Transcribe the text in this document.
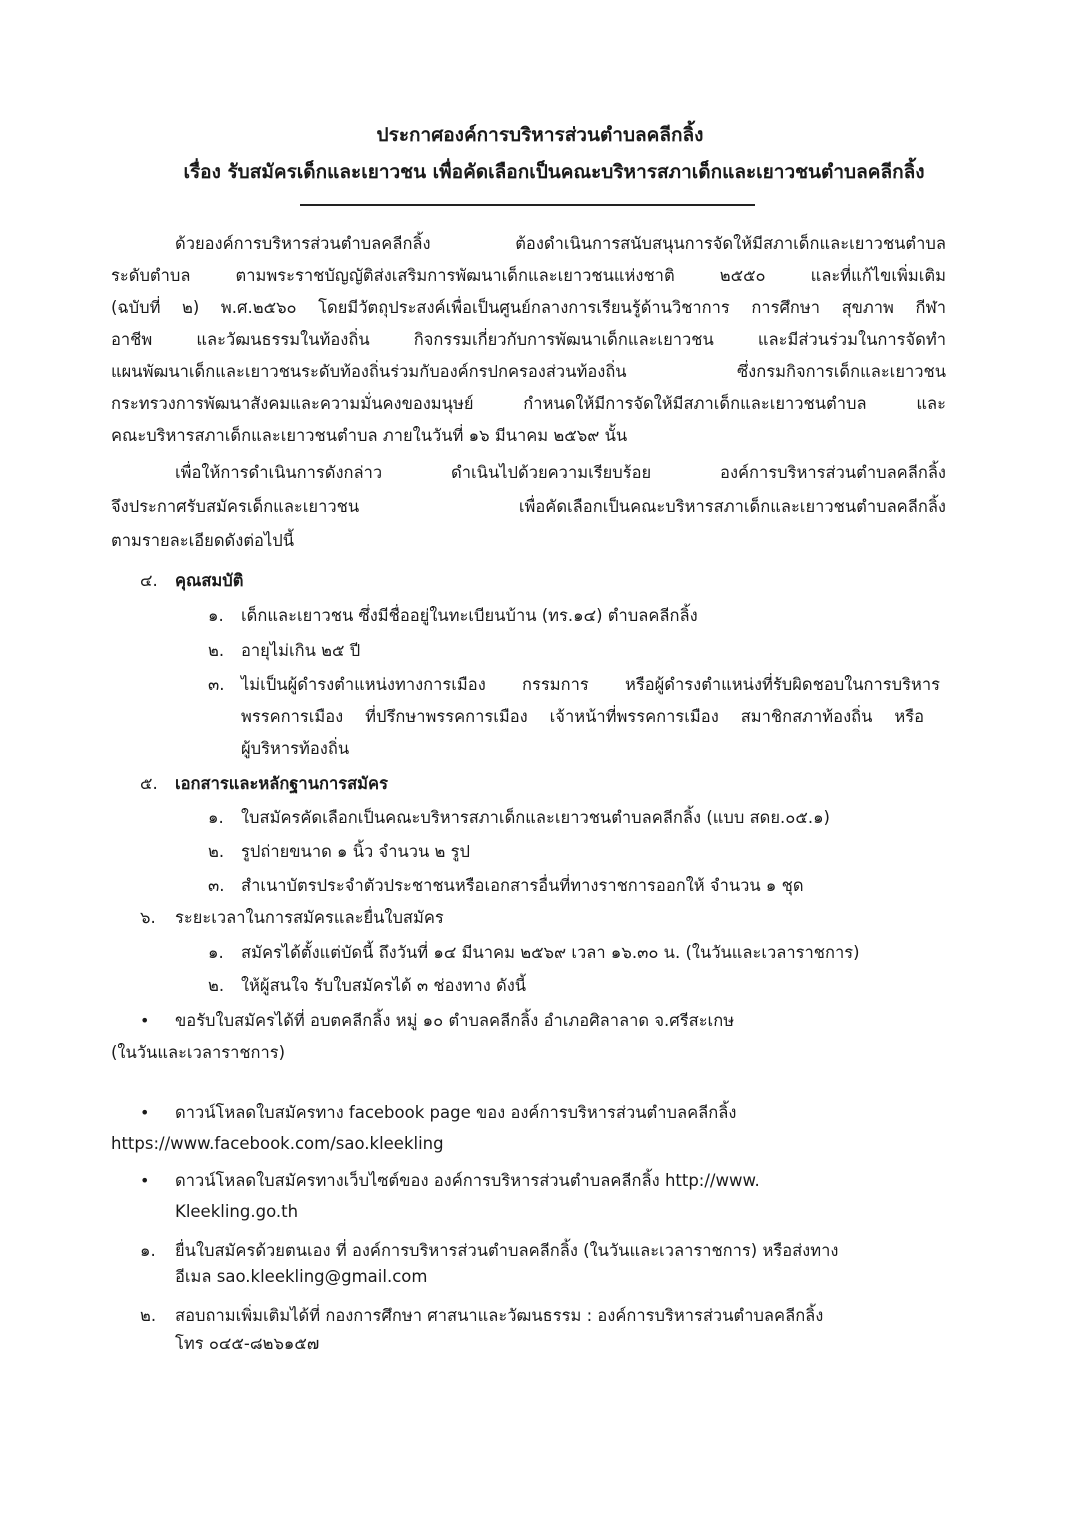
ประกาศองค์การบริหารส่วนตำบลคลีกลิ้ง
เรื่อง รับสมัครเด็กและเยาวชน เพื่อคัดเลือกเป็นคณะบริหารสภาเด็กและเยาวชนตำบลคลีกลิ้ง
ด้วยองค์การบริหารส่วนตำบลคลีกลิ้ง ต้องดำเนินการสนับสนุนการจัดให้มีสภาเด็กและเยาวชนตำบล
ระดับตำบล ตามพระราชบัญญัติส่งเสริมการพัฒนาเด็กและเยาวชนแห่งชาติ ๒๕๕๐ และที่แก้ไขเพิ่มเติม
(ฉบับที่ ๒) พ.ศ.๒๕๖๐ โดยมีวัตถุประสงค์เพื่อเป็นศูนย์กลางการเรียนรู้ด้านวิชาการ การศึกษา สุขภาพ กีฬา
อาชีพ และวัฒนธรรมในท้องถิ่น กิจกรรมเกี่ยวกับการพัฒนาเด็กและเยาวชน และมีส่วนร่วมในการจัดทำ
แผนพัฒนาเด็กและเยาวชนระดับท้องถิ่นร่วมกับองค์กรปกครองส่วนท้องถิ่น ซึ่งกรมกิจการเด็กและเยาวชน
กระทรวงการพัฒนาสังคมและความมั่นคงของมนุษย์ กำหนดให้มีการจัดให้มีสภาเด็กและเยาวชนตำบล และ
คณะบริหารสภาเด็กและเยาวชนตำบล ภายในวันที่ ๑๖ มีนาคม ๒๕๖๙ นั้น
เพื่อให้การดำเนินการดังกล่าว ดำเนินไปด้วยความเรียบร้อย องค์การบริหารส่วนตำบลคลีกลิ้ง
จึงประกาศรับสมัครเด็กและเยาวชน เพื่อคัดเลือกเป็นคณะบริหารสภาเด็กและเยาวชนตำบลคลีกลิ้ง
ตามรายละเอียดดังต่อไปนี้
๔. คุณสมบัติ
๑. เด็กและเยาวชน ซึ่งมีชื่ออยู่ในทะเบียนบ้าน (ทร.๑๔) ตำบลคลีกลิ้ง
๒. อายุไม่เกิน ๒๕ ปี
๓. ไม่เป็นผู้ดำรงตำแหน่งทางการเมือง กรรมการ หรือผู้ดำรงตำแหน่งที่รับผิดชอบในการบริหาร
พรรคการเมือง ที่ปรึกษาพรรคการเมือง เจ้าหน้าที่พรรคการเมือง สมาชิกสภาท้องถิ่น หรือ
ผู้บริหารท้องถิ่น
๕. เอกสารและหลักฐานการสมัคร
๑. ใบสมัครคัดเลือกเป็นคณะบริหารสภาเด็กและเยาวชนตำบลคลีกลิ้ง (แบบ สดย.๐๕.๑)
๒. รูปถ่ายขนาด ๑ นิ้ว จำนวน ๒ รูป
๓. สำเนาบัตรประจำตัวประชาชนหรือเอกสารอื่นที่ทางราชการออกให้ จำนวน ๑ ชุด
๖. ระยะเวลาในการสมัครและยื่นใบสมัคร
๑. สมัครได้ตั้งแต่บัดนี้ ถึงวันที่ ๑๔ มีนาคม ๒๕๖๙ เวลา ๑๖.๓๐ น. (ในวันและเวลาราชการ)
๒. ให้ผู้สนใจ รับใบสมัครได้ ๓ ช่องทาง ดังนี้
• ขอรับใบสมัครได้ที่ อบตคลีกลิ้ง หมู่ ๑๐ ตำบลคลีกลิ้ง อำเภอศิลาลาด จ.ศรีสะเกษ
(ในวันและเวลาราชการ)
• ดาวน์โหลดใบสมัครทาง facebook page ของ องค์การบริหารส่วนตำบลคลีกลิ้ง
https://www.facebook.com/sao.kleekling
• ดาวน์โหลดใบสมัครทางเว็บไซต์ของ องค์การบริหารส่วนตำบลคลีกลิ้ง http://www.
Kleekling.go.th
๑. ยื่นใบสมัครด้วยตนเอง ที่ องค์การบริหารส่วนตำบลคลีกลิ้ง (ในวันและเวลาราชการ) หรือส่งทาง
อีเมล sao.kleekling@gmail.com
๒. สอบถามเพิ่มเติมได้ที่ กองการศึกษา ศาสนาและวัฒนธรรม : องค์การบริหารส่วนตำบลคลีกลิ้ง
โทร ๐๔๕-๘๒๖๑๕๗
